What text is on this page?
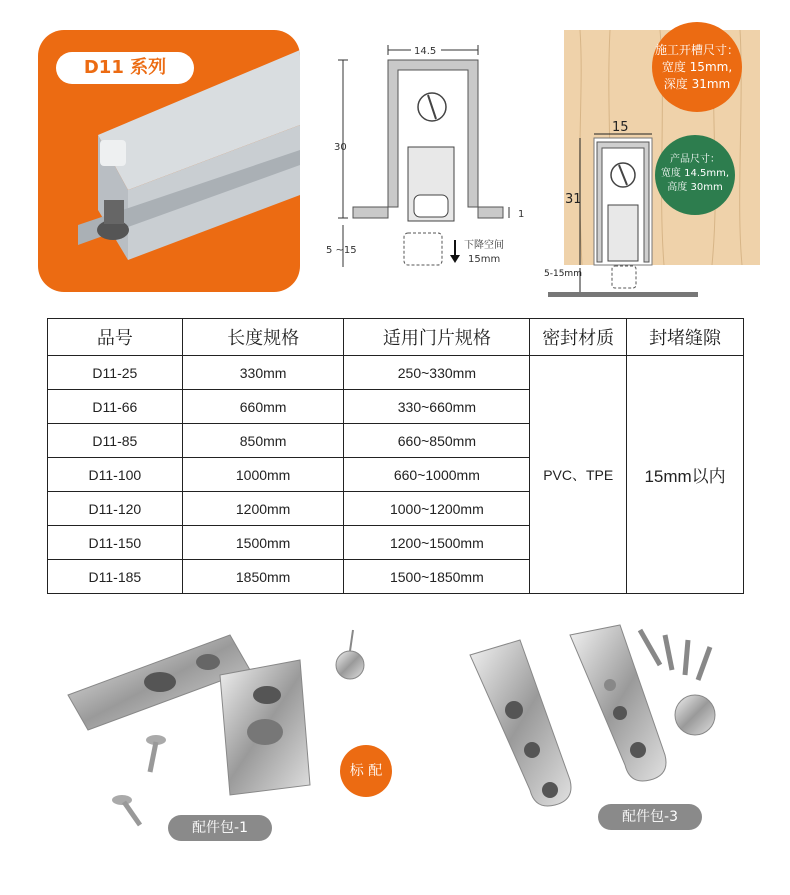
D11 系列
14.5
30
1
5 ~15	下降空间
15mm
15
31
5-15mm
施工开槽尺寸：
宽度 15mm,
深度 31mm
产品尺寸：
宽度 14.5mm,
高度 30mm
品号	长度规格	适用门片规格	密封材质	封堵缝隙
D11-25	330mm	250~330mm	PVC、TPE	15mm以内
D11-66	660mm	330~660mm		
D11-85	850mm	660~850mm		
D11-100	1000mm	660~1000mm		
D11-120	1200mm	1000~1200mm		
D11-150	1500mm	1200~1500mm		
D11-185	1850mm	1500~1850mm		
标 配
配件包-1
配件包-3
